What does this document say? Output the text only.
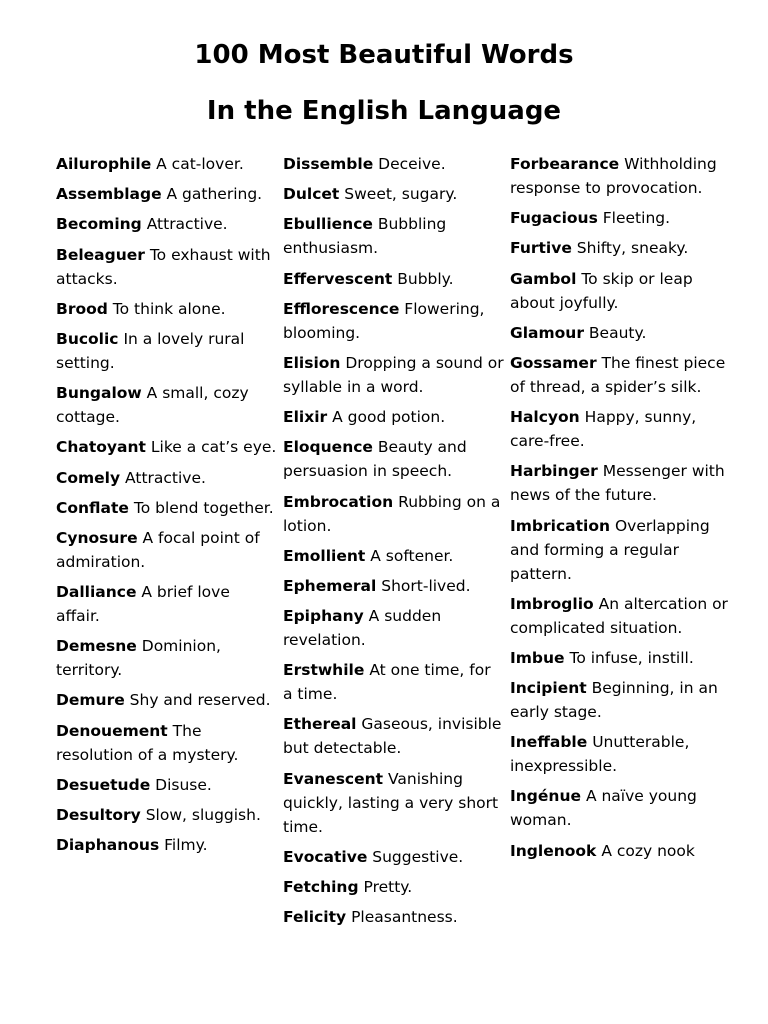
100 Most Beautiful Words
In the English Language

Ailurophile A cat-lover.

Assemblage A gathering.

Becoming Attractive.

Beleaguer To exhaust with attacks.

Brood To think alone.

Bucolic In a lovely rural setting.

Bungalow A small, cozy cottage.

Chatoyant Like a cat’s eye.

Comely Attractive.

Conflate To blend together.

Cynosure A focal point of admiration.

Dalliance A brief love affair.

Demesne Dominion, territory.

Demure Shy and reserved.

Denouement The resolution of a mystery.

Desuetude Disuse.

Desultory Slow, sluggish.

Diaphanous Filmy.

Dissemble Deceive.

Dulcet Sweet, sugary.

Ebullience Bubbling enthusiasm.

Effervescent Bubbly.

Efflorescence Flowering, blooming.

Elision Dropping a sound or syllable in a word.

Elixir A good potion.

Eloquence Beauty and persuasion in speech.

Embrocation Rubbing on a lotion.

Emollient A softener.

Ephemeral Short-lived.

Epiphany A sudden revelation.

Erstwhile At one time, for a time.

Ethereal Gaseous, invisible but detectable.

Evanescent Vanishing quickly, lasting a very short time.

Evocative Suggestive.

Fetching Pretty.

Felicity Pleasantness.

Forbearance Withholding response to provocation.

Fugacious Fleeting.

Furtive Shifty, sneaky.

Gambol To skip or leap about joyfully.

Glamour Beauty.

Gossamer The finest piece of thread, a spider’s silk.

Halcyon Happy, sunny, care-free.

Harbinger Messenger with news of the future.

Imbrication Overlapping and forming a regular pattern.

Imbroglio An altercation or complicated situation.

Imbue To infuse, instill.

Incipient Beginning, in an early stage.

Ineffable Unutterable, inexpressible.

Ingénue A naïve young woman.

Inglenook A cozy nook
